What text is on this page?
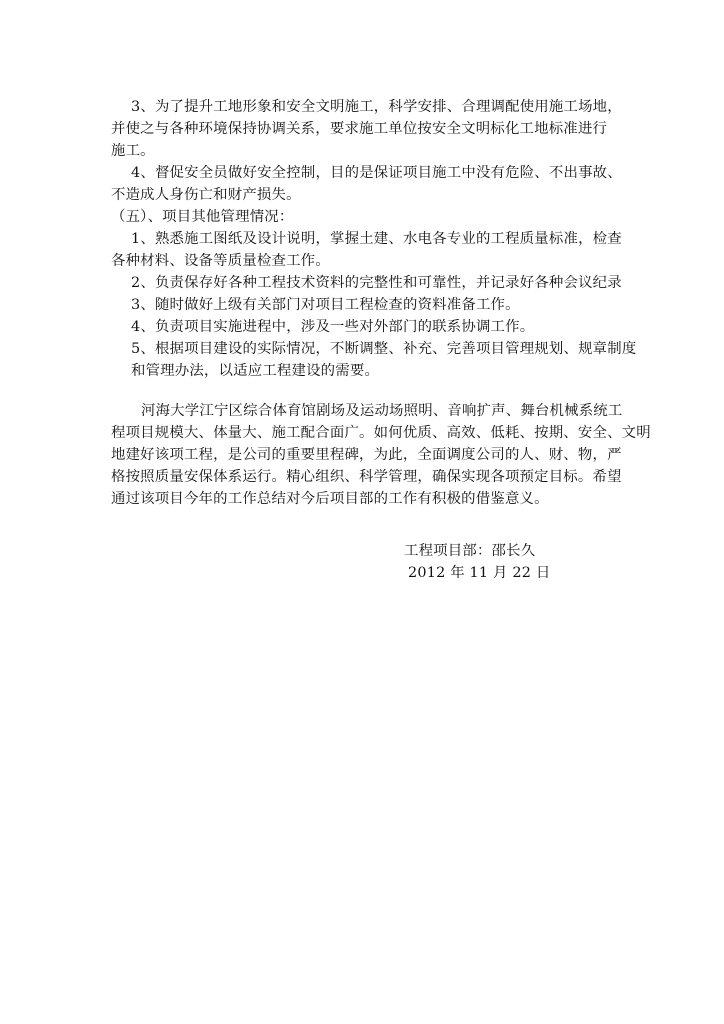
3、为了提升工地形象和安全文明施工，科学安排、合理调配使用施工场地，
并使之与各种环境保持协调关系，要求施工单位按安全文明标化工地标准进行
施工。
4、督促安全员做好安全控制，目的是保证项目施工中没有危险、不出事故、
不造成人身伤亡和财产损失。
（五）、项目其他管理情况：
1、熟悉施工图纸及设计说明，掌握土建、水电各专业的工程质量标准，检查
各种材料、设备等质量检查工作。
2、负责保存好各种工程技术资料的完整性和可靠性，并记录好各种会议纪录
3、随时做好上级有关部门对项目工程检查的资料准备工作。
4、负责项目实施进程中，涉及一些对外部门的联系协调工作。
5、根据项目建设的实际情况，不断调整、补充、完善项目管理规划、规章制度
和管理办法，以适应工程建设的需要。
河海大学江宁区综合体育馆剧场及运动场照明、音响扩声、舞台机械系统工
程项目规模大、体量大、施工配合面广。如何优质、高效、低耗、按期、安全、文明
地建好该项工程，是公司的重要里程碑，为此，全面调度公司的人、财、物，严
格按照质量安保体系运行。精心组织、科学管理，确保实现各项预定目标。希望
通过该项目今年的工作总结对今后项目部的工作有积极的借鉴意义。
工程项目部：邵长久
2012 年 11 月 22 日
